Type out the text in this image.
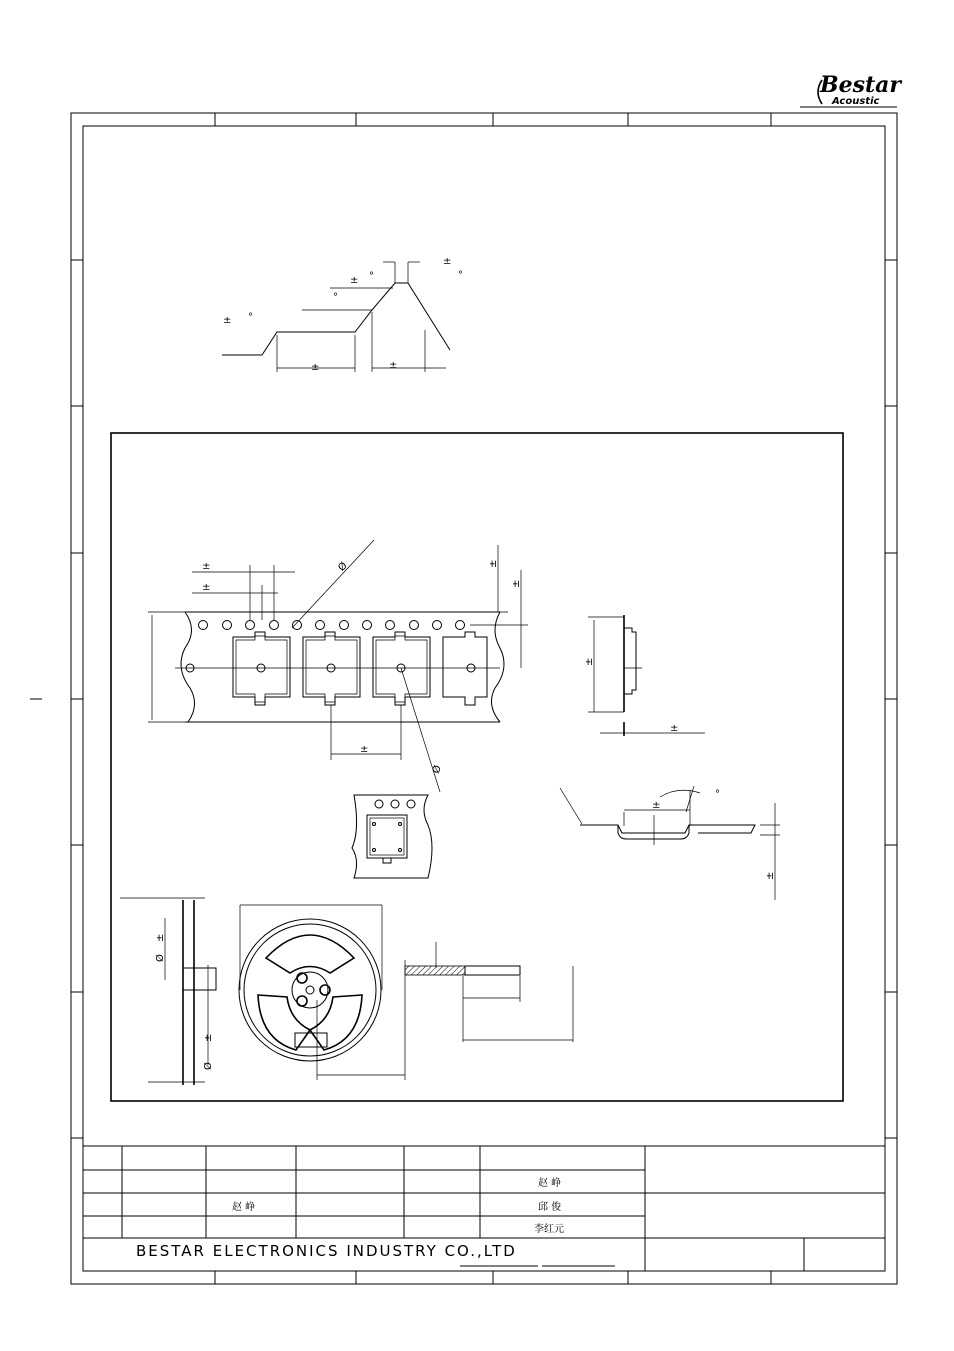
Bestar
Acoustic
±
°
± °
°
± °
±	±
±
±
Ø
±
Ø
±
±
±
±
±
°
±
±
Ø
±
Ø
赵 峥
赵 峥	邱 俊
李红元
BESTAR ELECTRONICS INDUSTRY CO.,LTD
